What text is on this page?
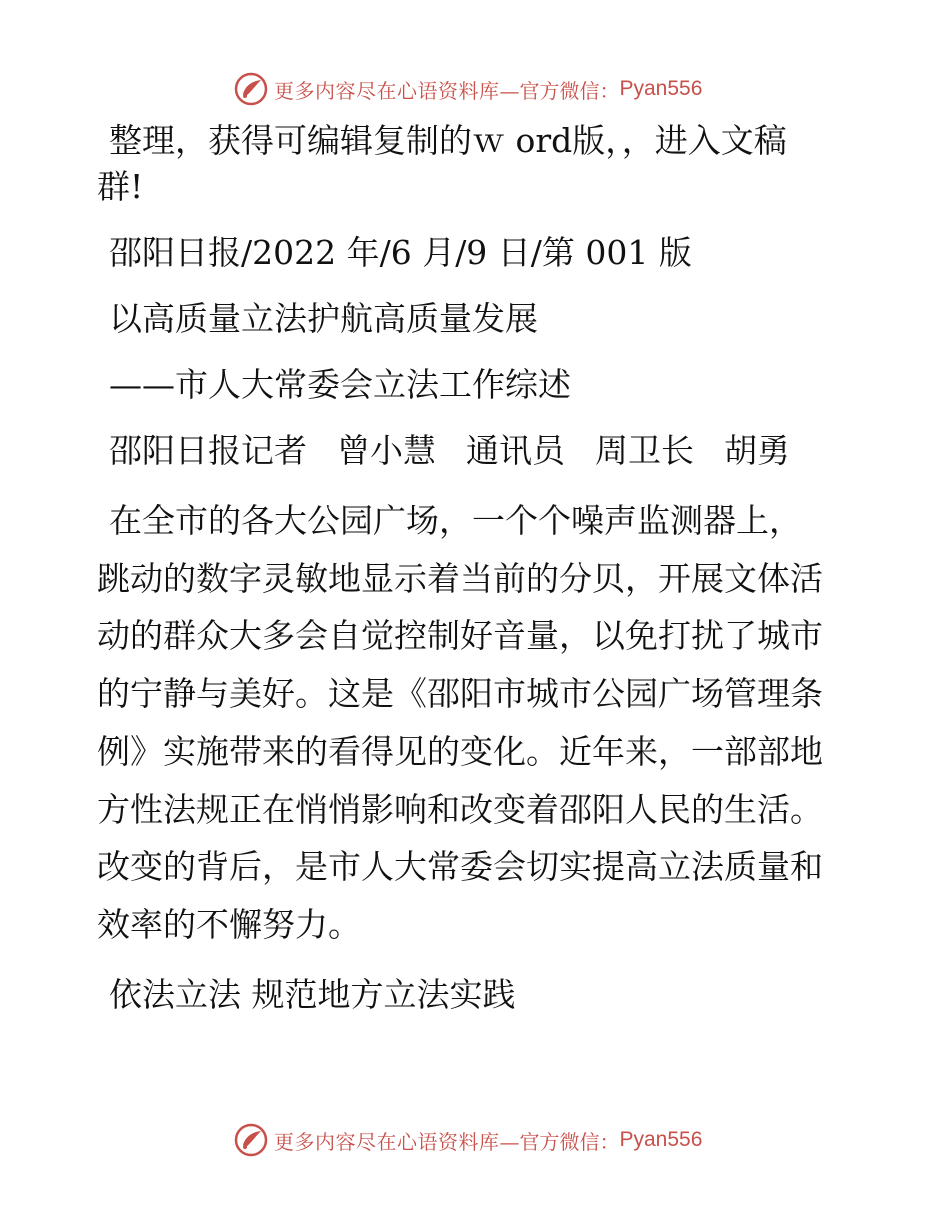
更多内容尽在心语资料库 —官方微信： Pyan556

整理，获得可编辑复制的ｗ ord版，，进入文稿

群!

邵阳日报/2022 年/6 月/9 日/第 001 版

以高质量立法护航高质量发展

——市人大常委会立法工作综述

邵阳日报记者 曾小慧 通讯员 周卫长 胡勇

在全市的各大公园广场，一个个噪声监测器上，

跳动的数字灵敏地显示着当前的分贝，开展文体活

动的群众大多会自觉控制好音量，以免打扰了城市

的宁静与美好。这是《邵阳市城市公园广场管理条

例》实施带来的看得见的变化。近年来，一部部地

方性法规正在悄悄影响和改变着邵阳人民的生活。

改变的背后，是市人大常委会切实提高立法质量和

效率的不懈努力。

依法立法 规范地方立法实践

更多内容尽在心语资料库 —官方微信： Pyan556
